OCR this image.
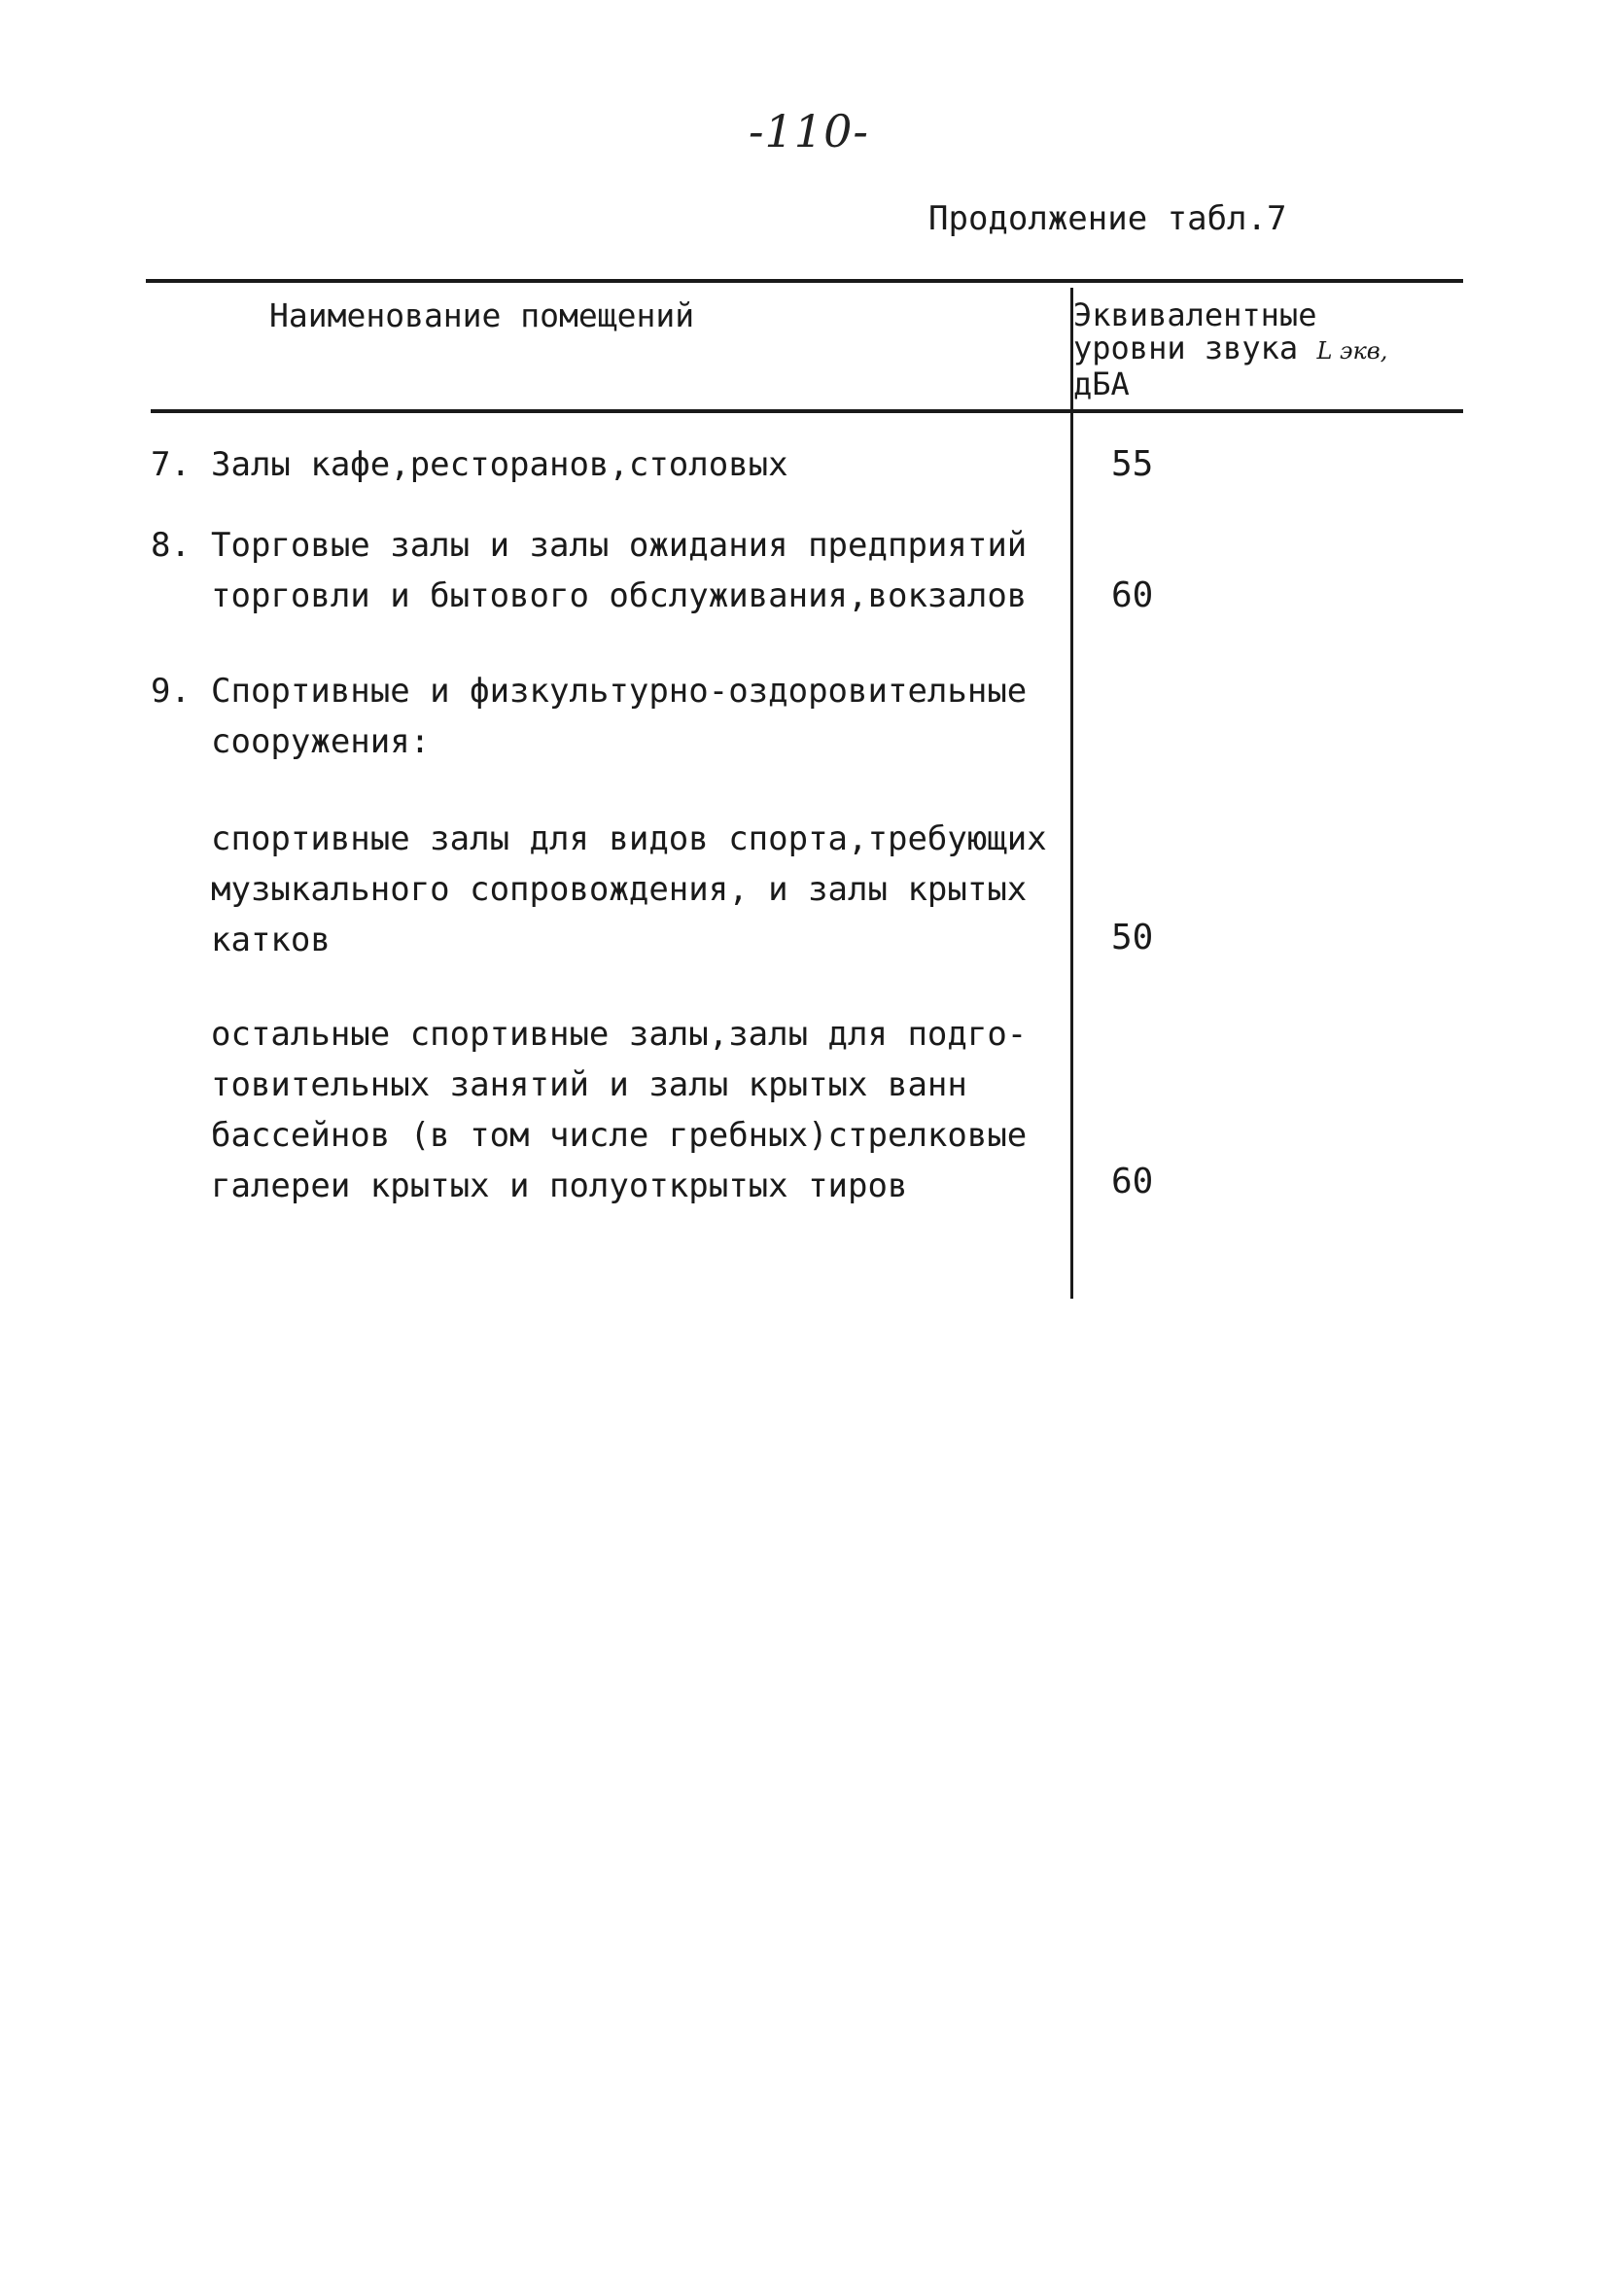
-110-
Продолжение табл.7
Наименование помещений	Эквивалентные
уровни звука L экв,
дБА
7. Залы кафе,ресторанов,столовых	55
8. Торговые залы и залы ожидания предприятий
торговли и бытового обслуживания,вокзалов 60
9. Спортивные и физкультурно-оздоровительные
сооружения:
спортивные залы для видов спорта,требующих
музыкального сопровождения, и залы крытых
катков	50
остальные спортивные залы,залы для подго-
товительных занятий и залы крытых ванн
бассейнов (в том числе гребных)стрелковые
галереи крытых и полуоткрытых тиров	60
